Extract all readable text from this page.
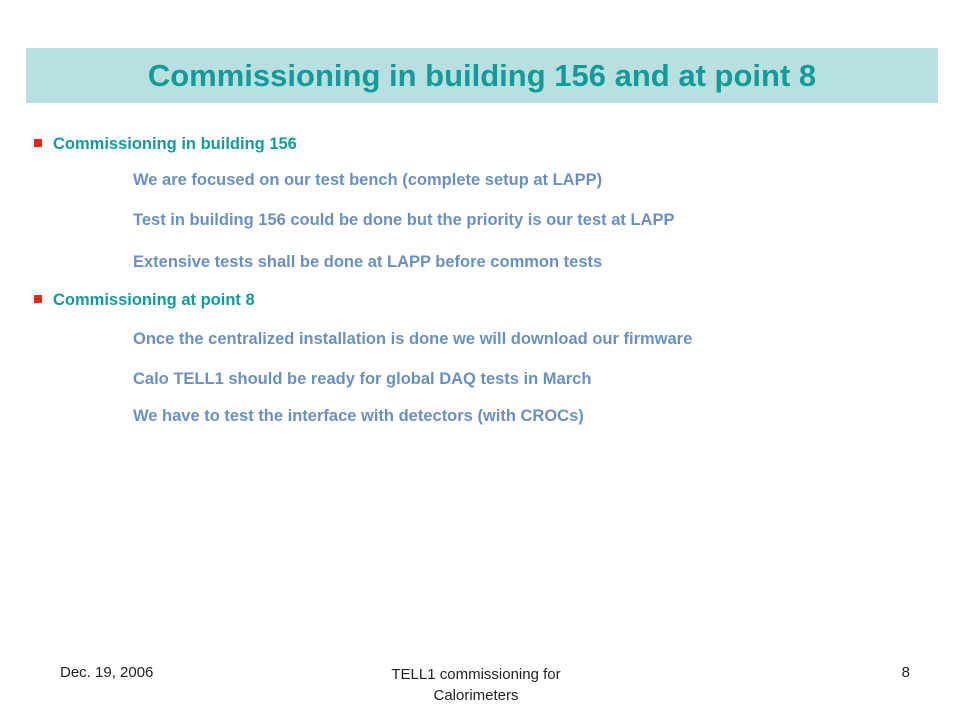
Commissioning in building 156 and at point 8
Commissioning in building 156
We are focused on our test bench (complete setup at LAPP)
Test in building 156 could be done but the priority is our test at LAPP
Extensive tests shall be done at LAPP before common tests
Commissioning at point 8
Once the centralized installation is done we will download our firmware
Calo TELL1 should be ready for global DAQ tests in March
We have to test the interface with detectors (with CROCs)
Dec. 19, 2006	TELL1 commissioning for
Calorimeters
8
